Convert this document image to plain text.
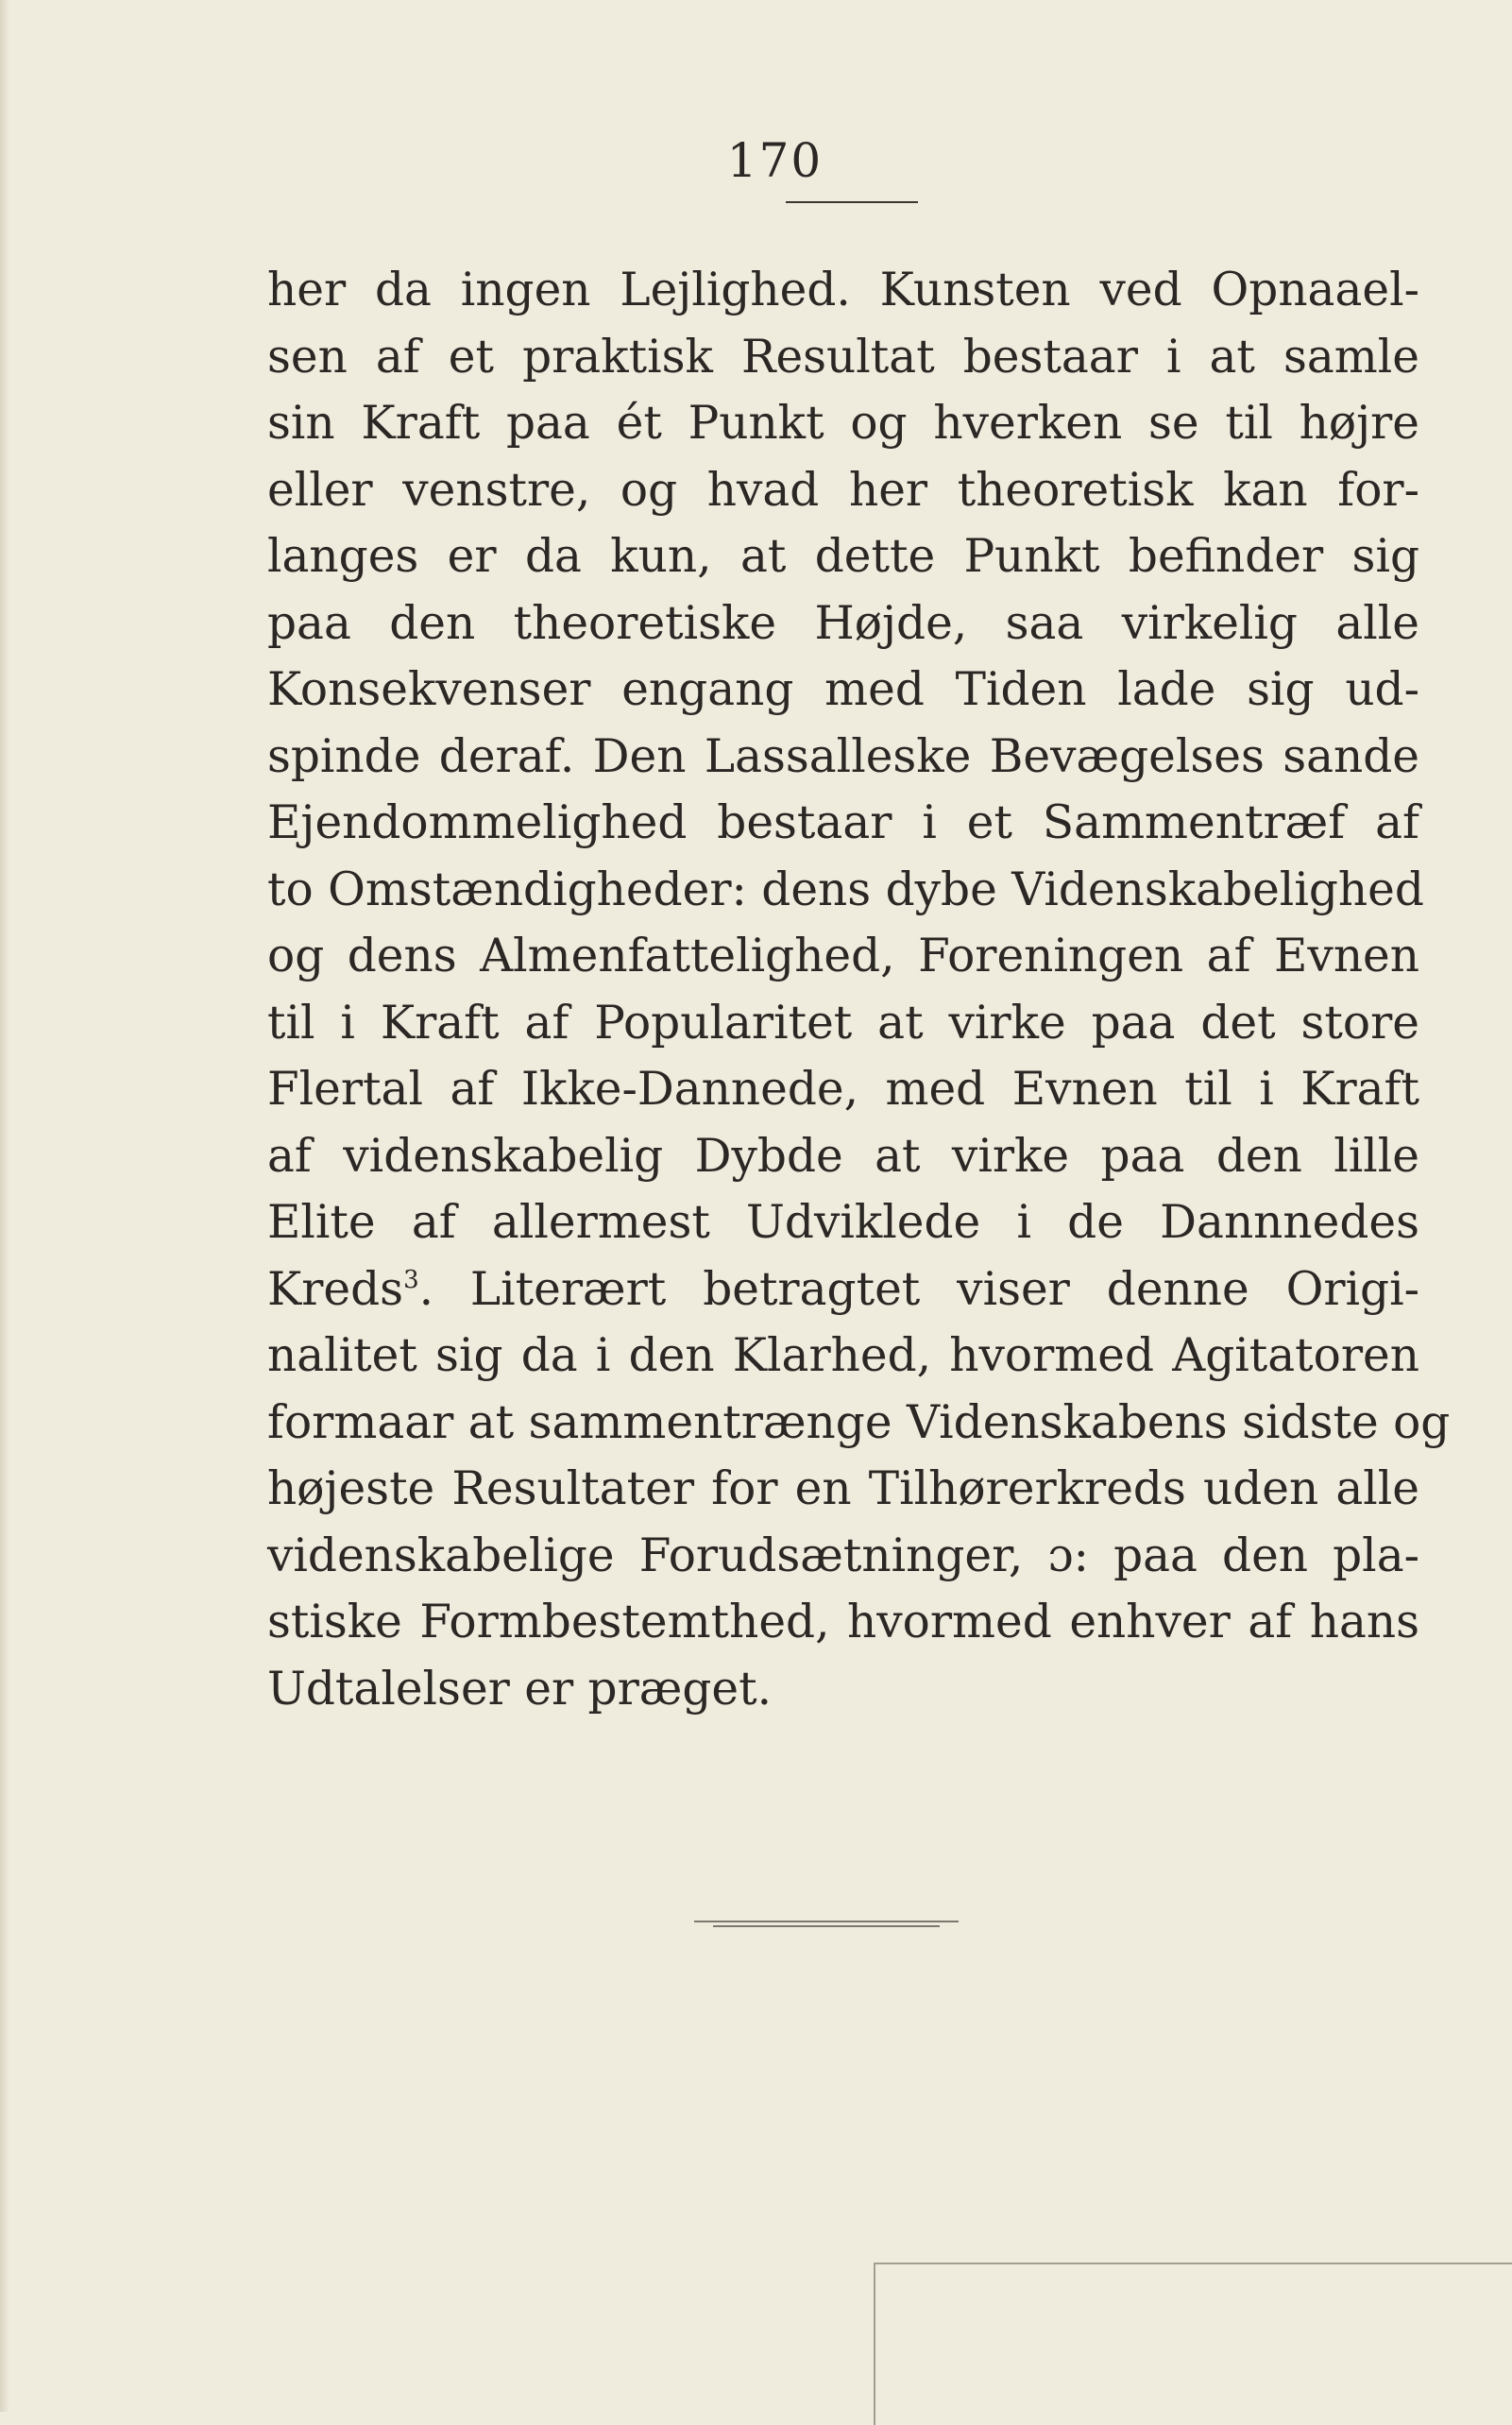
170
her da ingen Lejlighed. Kunsten ved Opnaael-
sen af et praktisk Resultat bestaar i at samle
sin Kraft paa ét Punkt og hverken se til højre
eller venstre, og hvad her theoretisk kan for-
langes er da kun, at dette Punkt befinder sig
paa den theoretiske Højde, saa virkelig alle
Konsekvenser engang med Tiden lade sig ud-
spinde deraf. Den Lassalleske Bevægelses sande
Ejendommelighed bestaar i et Sammentræf af
to Omstændigheder: dens dybe Videnskabelighed
og dens Almenfattelighed, Foreningen af Evnen
til i Kraft af Popularitet at virke paa det store
Flertal af Ikke-Dannede, med Evnen til i Kraft
af videnskabelig Dybde at virke paa den lille
Elite af allermest Udviklede i de Dannnedes
Kreds$^3$. Literært betragtet viser denne Origi-
nalitet sig da i den Klarhed, hvormed Agitatoren
formaar at sammentrænge Videnskabens sidste og
højeste Resultater for en Tilhørerkreds uden alle
videnskabelige Forudsætninger, ɔ: paa den pla-
stiske Formbestemthed, hvormed enhver af hans
Udtalelser er præget.
